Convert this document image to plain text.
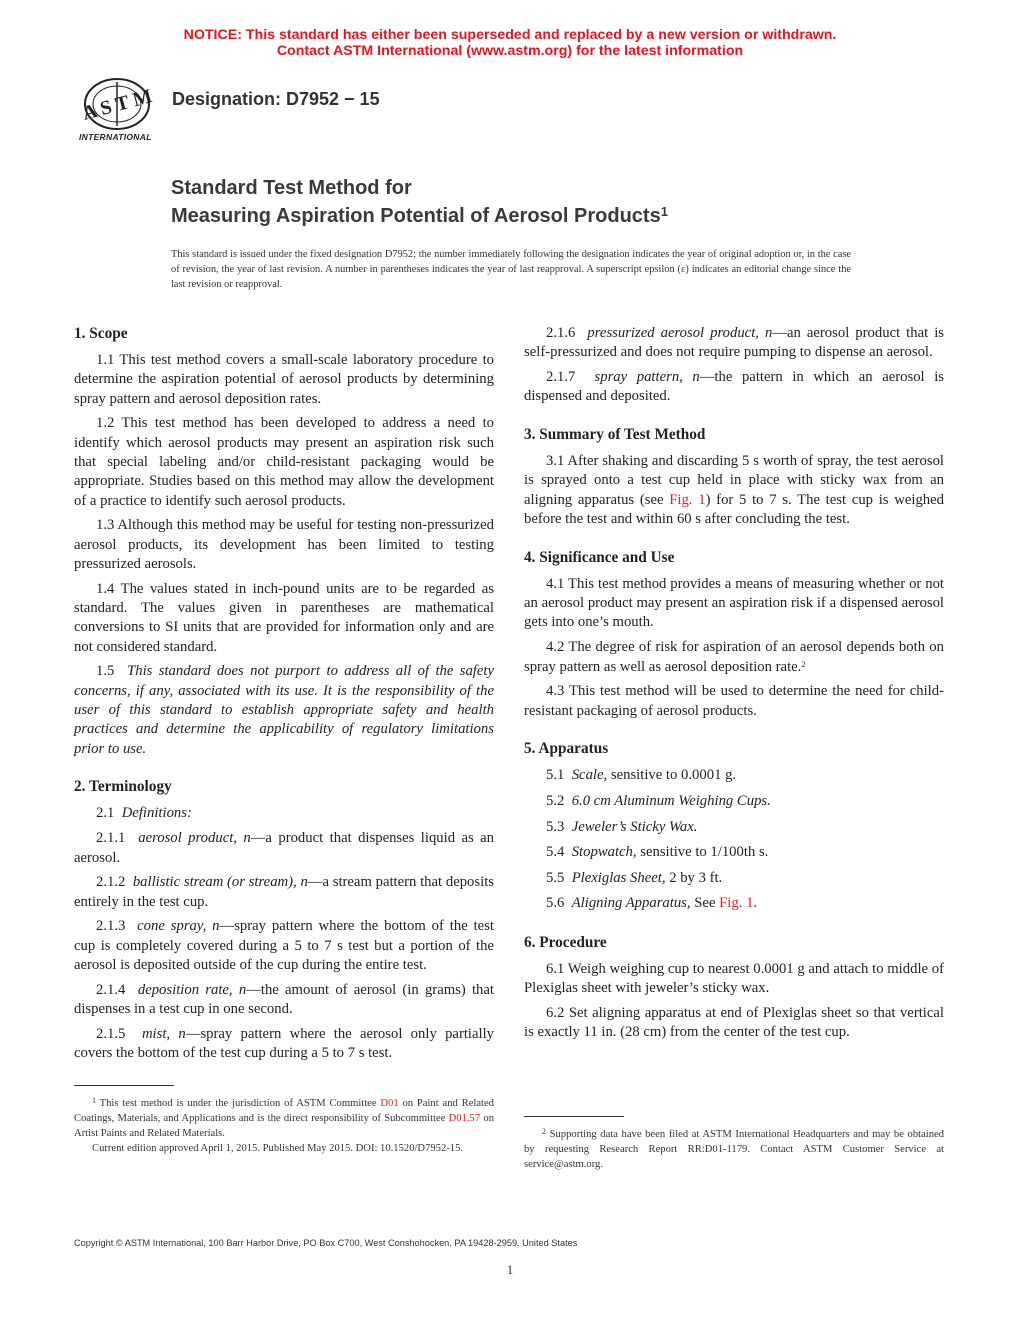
NOTICE: This standard has either been superseded and replaced by a new version or withdrawn.
Contact ASTM International (www.astm.org) for the latest information
A S T M
INTERNATIONAL
Designation: D7952 − 15
Standard Test Method for
Measuring Aspiration Potential of Aerosol Products$^1$
This standard is issued under the fixed designation D7952; the number immediately following the designation indicates the year of original adoption or, in the case of revision, the year of last revision. A number in parentheses indicates the year of last reapproval. A superscript epsilon (ε) indicates an editorial change since the last revision or reapproval.
1. Scope

1.1 This test method covers a small-scale laboratory procedure to determine the aspiration potential of aerosol products by determining spray pattern and aerosol deposition rates.

1.2 This test method has been developed to address a need to identify which aerosol products may present an aspiration risk such that special labeling and/or child-resistant packaging would be appropriate. Studies based on this method may allow the development of a practice to identify such aerosol products.

1.3 Although this method may be useful for testing non-pressurized aerosol products, its development has been limited to testing pressurized aerosols.

1.4 The values stated in inch-pound units are to be regarded as standard. The values given in parentheses are mathematical conversions to SI units that are provided for information only and are not considered standard.

1.5 This standard does not purport to address all of the safety concerns, if any, associated with its use. It is the responsibility of the user of this standard to establish appropriate safety and health practices and determine the applicability of regulatory limitations prior to use.

2. Terminology

2.1 Definitions:

2.1.1 aerosol product, n—a product that dispenses liquid as an aerosol.

2.1.2 ballistic stream (or stream), n—a stream pattern that deposits entirely in the test cup.

2.1.3 cone spray, n—spray pattern where the bottom of the test cup is completely covered during a 5 to 7 s test but a portion of the aerosol is deposited outside of the cup during the entire test.

2.1.4 deposition rate, n—the amount of aerosol (in grams) that dispenses in a test cup in one second.

2.1.5 mist, n—spray pattern where the aerosol only partially covers the bottom of the test cup during a 5 to 7 s test.

2.1.6 pressurized aerosol product, n—an aerosol product that is self-pressurized and does not require pumping to dispense an aerosol.

2.1.7 spray pattern, n—the pattern in which an aerosol is dispensed and deposited.

3. Summary of Test Method

3.1 After shaking and discarding 5 s worth of spray, the test aerosol is sprayed onto a test cup held in place with sticky wax from an aligning apparatus (see Fig. 1) for 5 to 7 s. The test cup is weighed before the test and within 60 s after concluding the test.

4. Significance and Use

4.1 This test method provides a means of measuring whether or not an aerosol product may present an aspiration risk if a dispensed aerosol gets into one’s mouth.

4.2 The degree of risk for aspiration of an aerosol depends both on spray pattern as well as aerosol deposition rate.$^2$

4.3 This test method will be used to determine the need for child-resistant packaging of aerosol products.

5. Apparatus

5.1 Scale, sensitive to 0.0001 g.

5.2 6.0 cm Aluminum Weighing Cups.

5.3 Jeweler’s Sticky Wax.

5.4 Stopwatch, sensitive to 1/100th s.

5.5 Plexiglas Sheet, 2 by 3 ft.

5.6 Aligning Apparatus, See Fig. 1.

6. Procedure

6.1 Weigh weighing cup to nearest 0.0001 g and attach to middle of Plexiglas sheet with jeweler’s sticky wax.

6.2 Set aligning apparatus at end of Plexiglas sheet so that vertical is exactly 11 in. (28 cm) from the center of the test cup.

$^1$ This test method is under the jurisdiction of ASTM Committee D01 on Paint and Related Coatings, Materials, and Applications and is the direct responsibility of Subcommittee D01.57 on Artist Paints and Related Materials.

Current edition approved April 1, 2015. Published May 2015. DOI: 10.1520/D7952-15.

$^2$ Supporting data have been filed at ASTM International Headquarters and may be obtained by requesting Research Report RR:D01-1179. Contact ASTM Customer Service at service@astm.org.

Copyright © ASTM International, 100 Barr Harbor Drive, PO Box C700, West Conshohocken, PA 19428-2959. United States
1
